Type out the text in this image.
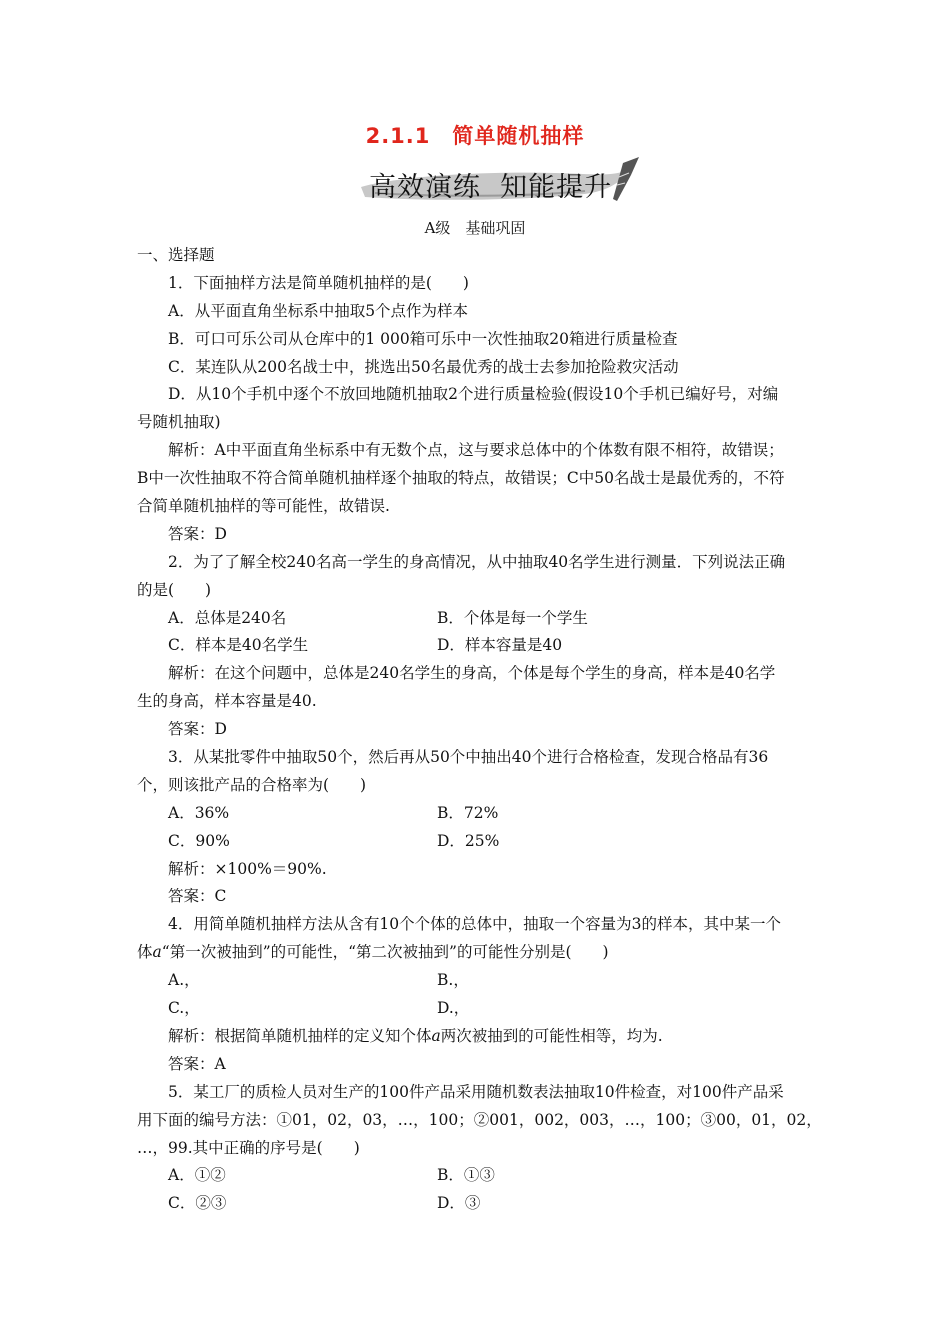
2.1.1　简单随机抽样
高效演练  知能提升
A级　基础巩固
一、选择题
1．下面抽样方法是简单随机抽样的是(　　)
A．从平面直角坐标系中抽取5个点作为样本
B．可口可乐公司从仓库中的1 000箱可乐中一次性抽取20箱进行质量检查
C．某连队从200名战士中，挑选出50名最优秀的战士去参加抢险救灾活动
D．从10个手机中逐个不放回地随机抽取2个进行质量检验(假设10个手机已编好号，对编
号随机抽取)
解析：A中平面直角坐标系中有无数个点，这与要求总体中的个体数有限不相符，故错误；
B中一次性抽取不符合简单随机抽样逐个抽取的特点，故错误；C中50名战士是最优秀的，不符
合简单随机抽样的等可能性，故错误.
答案：D
2．为了了解全校240名高一学生的身高情况，从中抽取40名学生进行测量．下列说法正确
的是(　　)
A．总体是240名	B．个体是每一个学生
C．样本是40名学生	D．样本容量是40
解析：在这个问题中，总体是240名学生的身高，个体是每个学生的身高，样本是40名学
生的身高，样本容量是40.
答案：D
3．从某批零件中抽取50个，然后再从50个中抽出40个进行合格检查，发现合格品有36
个，则该批产品的合格率为(　　)
A．36%	B．72%
C．90%	D．25%
解析：×100%＝90%.
答案：C
4．用简单随机抽样方法从含有10个个体的总体中，抽取一个容量为3的样本，其中某一个
体a“第一次被抽到”的可能性，“第二次被抽到”的可能性分别是(　　)
A.，	B.，
C.，	D.，
解析：根据简单随机抽样的定义知个体a两次被抽到的可能性相等，均为.
答案：A
5．某工厂的质检人员对生产的100件产品采用随机数表法抽取10件检查，对100件产品采
用下面的编号方法：①01，02，03，…，100；②001，002，003，…，100；③00，01，02，
…，99.其中正确的序号是(　　)
A．①②	B．①③
C．②③	D．③
